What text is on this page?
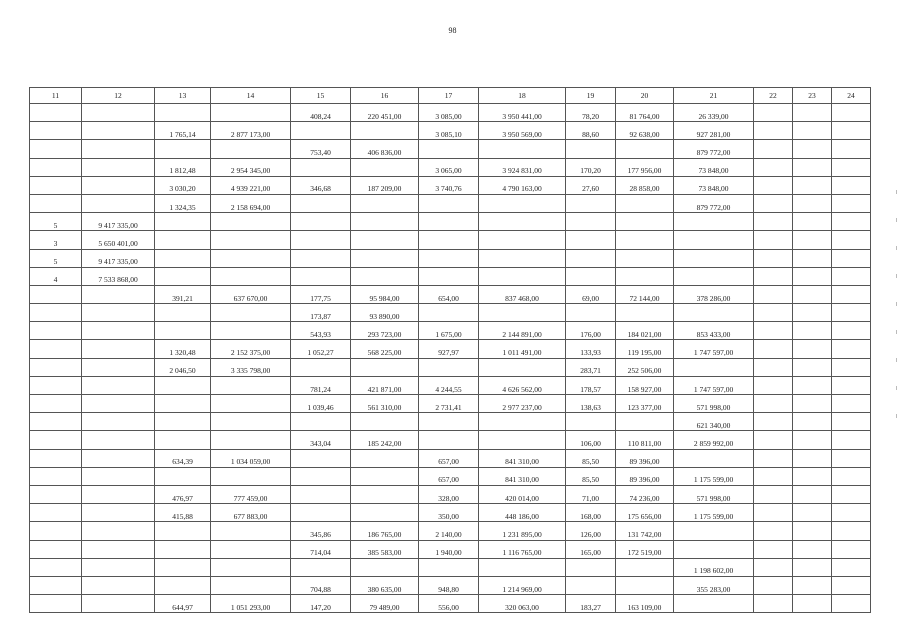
98
11	12	13	14	15	16	17	18	19	20	21	22	23	24
				408,24	220 451,00	3 085,00	3 950 441,00	78,20	81 764,00	26 339,00			
		1 765,14	2 877 173,00			3 085,10	3 950 569,00	88,60	92 638,00	927 281,00			
				753,40	406 836,00					879 772,00			
		1 812,48	2 954 345,00			3 065,00	3 924 831,00	170,20	177 956,00	73 848,00			
		3 030,20	4 939 221,00	346,68	187 209,00	3 740,76	4 790 163,00	27,60	28 858,00	73 848,00			
		1 324,35	2 158 694,00							879 772,00			
5	9 417 335,00												
3	5 650 401,00												
5	9 417 335,00												
4	7 533 868,00												
		391,21	637 670,00	177,75	95 984,00	654,00	837 468,00	69,00	72 144,00	378 286,00			
				173,87	93 890,00								
				543,93	293 723,00	1 675,00	2 144 891,00	176,00	184 021,00	853 433,00			
		1 320,48	2 152 375,00	1 052,27	568 225,00	927,97	1 011 491,00	133,93	119 195,00	1 747 597,00			
		2 046,50	3 335 798,00					283,71	252 506,00				
				781,24	421 871,00	4 244,55	4 626 562,00	178,57	158 927,00	1 747 597,00			
				1 039,46	561 310,00	2 731,41	2 977 237,00	138,63	123 377,00	571 998,00			
										621 340,00			
				343,04	185 242,00			106,00	110 811,00	2 859 992,00			
		634,39	1 034 059,00			657,00	841 310,00	85,50	89 396,00				
						657,00	841 310,00	85,50	89 396,00	1 175 599,00			
		476,97	777 459,00			328,00	420 014,00	71,00	74 236,00	571 998,00			
		415,88	677 883,00			350,00	448 186,00	168,00	175 656,00	1 175 599,00			
				345,86	186 765,00	2 140,00	1 231 895,00	126,00	131 742,00				
				714,04	385 583,00	1 940,00	1 116 765,00	165,00	172 519,00				
										1 198 602,00			
				704,88	380 635,00	948,80	1 214 969,00			355 283,00			
		644,97	1 051 293,00	147,20	79 489,00	556,00	320 063,00	183,27	163 109,00				
